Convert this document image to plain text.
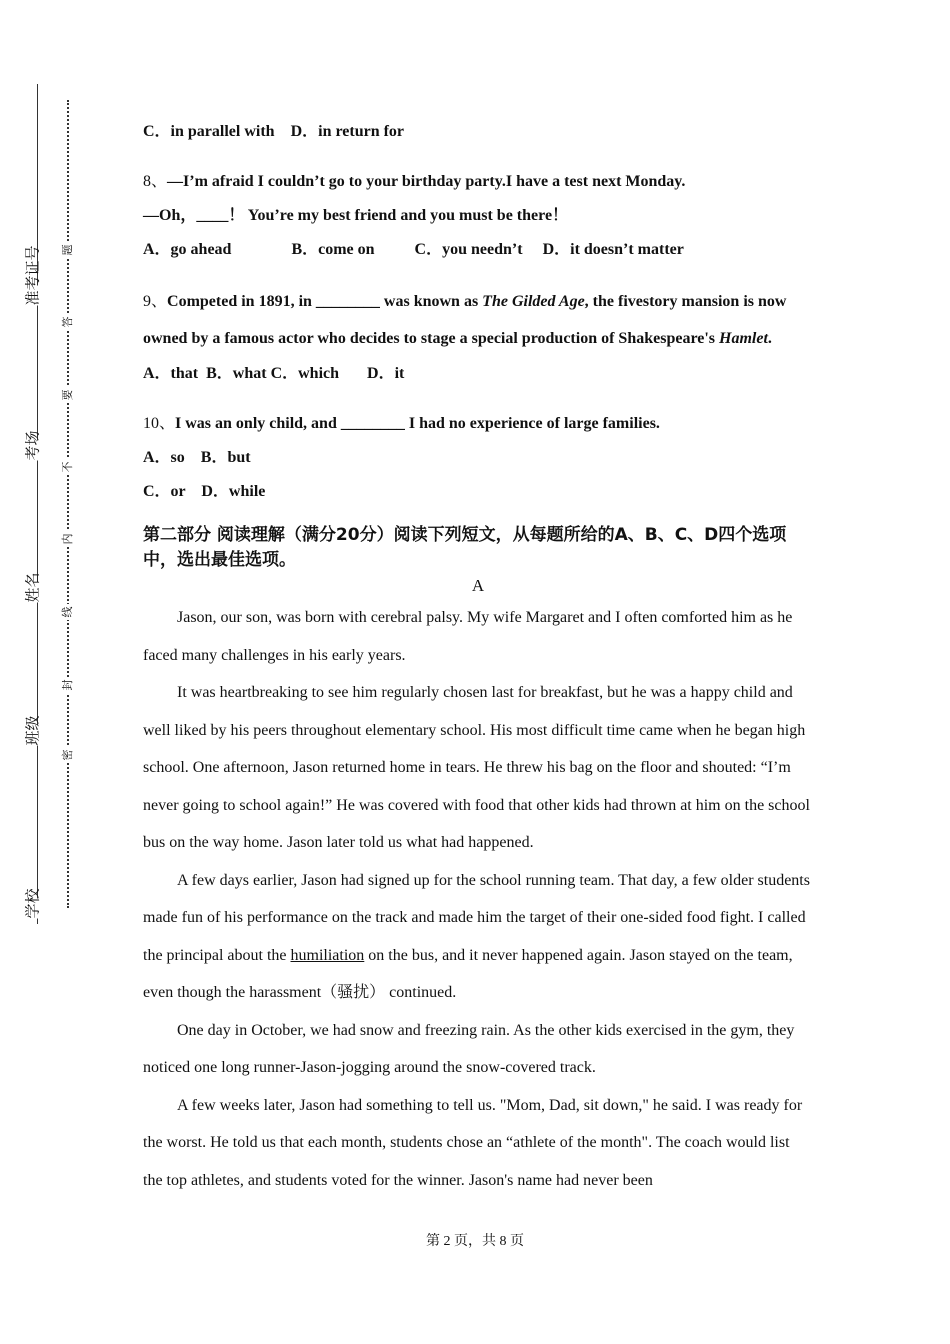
准考证号
考场
姓名
班级
学校
题
答
要
不
内
线
封
密
C．in parallel with    D．in return for
8、—I’m afraid I couldn’t go to your birthday party.I have a test next Monday.
—Oh，____！ You’re my best friend and you must be there！
A．go ahead               B．come on          C．you needn’t     D．it doesn’t matter
9、Competed in 1891, in ________ was known as The Gilded Age, the fivestory mansion is now owned by a famous actor who decides to stage a special production of Shakespeare's Hamlet.
A．that  B．what C．which       D．it
10、I was an only child, and ________ I had no experience of large families.
A．so    B．but
C．or    D．while
第二部分 阅读理解（满分20分）阅读下列短文，从每题所给的A、B、C、D四个选项中，选出最佳选项。
A
Jason, our son, was born with cerebral palsy. My wife Margaret and I often comforted him as he faced many challenges in his early years.
It was heartbreaking to see him regularly chosen last for breakfast, but he was a happy child and well liked by his peers throughout elementary school. His most difficult time came when he began high school. One afternoon, Jason returned home in tears. He threw his bag on the floor and shouted: “I’m never going to school again!” He was covered with food that other kids had thrown at him on the school bus on the way home. Jason later told us what had happened.
A few days earlier, Jason had signed up for the school running team. That day, a few older students made fun of his performance on the track and made him the target of their one-sided food fight. I called the principal about the humiliation on the bus, and it never happened again. Jason stayed on the team, even though the harassment（骚扰） continued.
One day in October, we had snow and freezing rain. As the other kids exercised in the gym, they noticed one long runner-Jason-jogging around the snow-covered track.
A few weeks later, Jason had something to tell us. "Mom, Dad, sit down," he said. I was ready for the worst. He told us that each month, students chose an “athlete of the month". The coach would list the top athletes, and students voted for the winner. Jason's name had never been
第 2 页，共 8 页
